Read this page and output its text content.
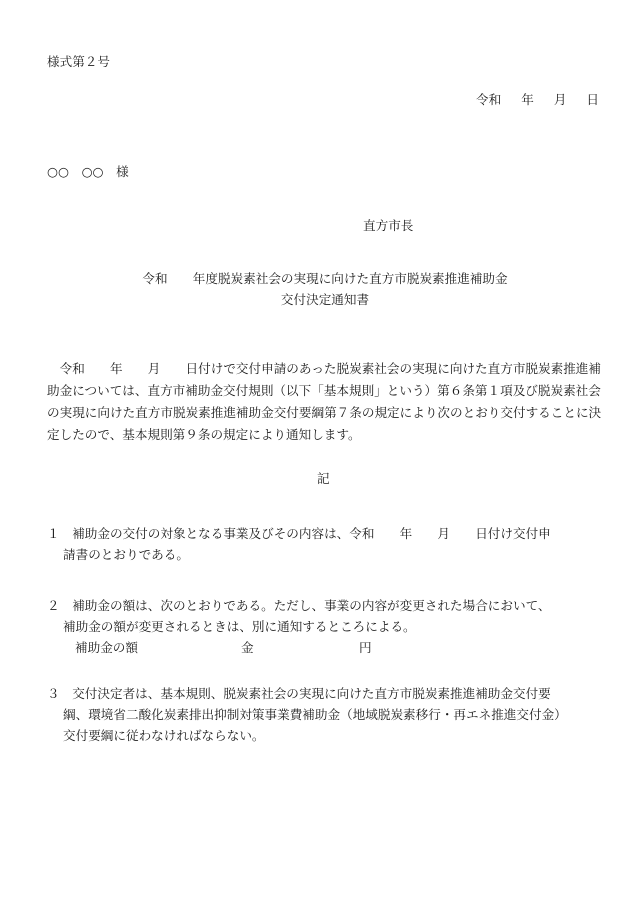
様式第２号
令和 年 月 日
○○　○○　様
直方市長
令和　　年度脱炭素社会の実現に向けた直方市脱炭素推進補助金
交付決定通知書

　令和　　年　　月　　日付けで交付申請のあった脱炭素社会の実現に向けた直方市脱炭素推進補助金については、直方市補助金交付規則（以下「基本規則」という）第６条第１項及び脱炭素社会の実現に向けた直方市脱炭素推進補助金交付要綱第７条の規定により次のとおり交付することに決定したので、基本規則第９条の規定により通知します。

記

１　 補助金の交付の対象となる事業及びその内容は、令和　　年　　月　　日付け交付申

請書のとおりである。

２　 補助金の額は、次のとおりである。ただし、事業の内容が変更された場合において、

補助金の額が変更されるときは、別に通知するところによる。

補助金の額	金	円

３　 交付決定者は、基本規則、脱炭素社会の実現に向けた直方市脱炭素推進補助金交付要

綱、環境省二酸化炭素排出抑制対策事業費補助金（地域脱炭素移行・再エネ推進交付金）

交付要綱に従わなければならない。
